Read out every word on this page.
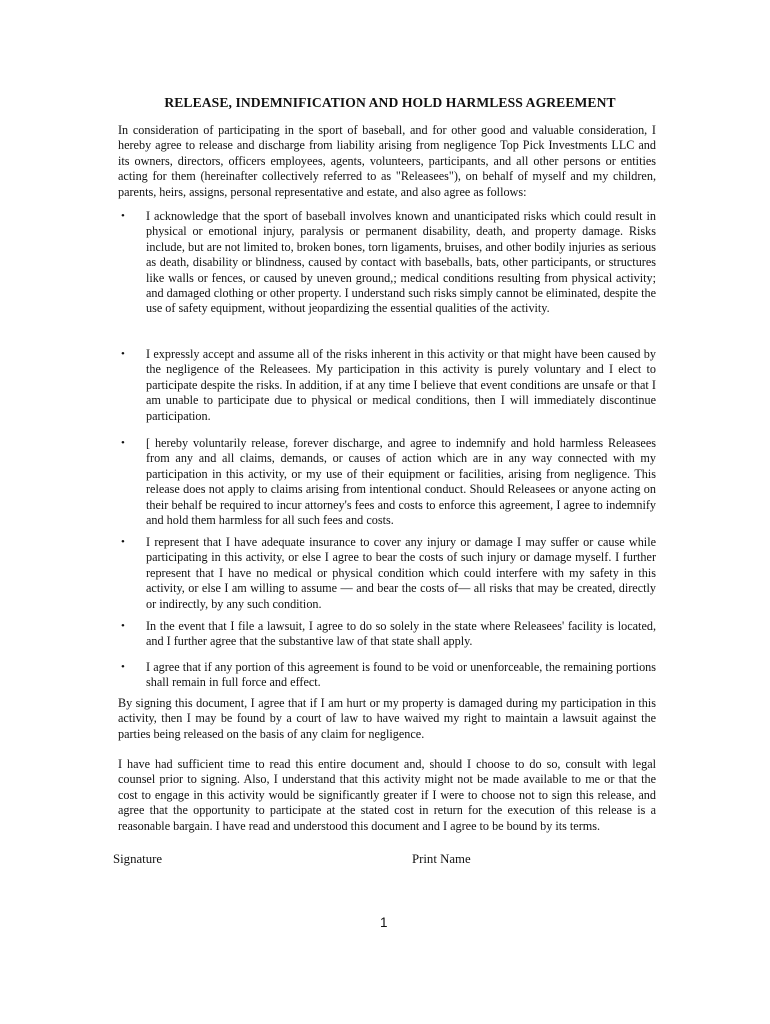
RELEASE, INDEMNIFICATION AND HOLD HARMLESS AGREEMENT
In consideration of participating in the sport of baseball, and for other good and valuable consideration, I hereby agree to release and discharge from liability arising from negligence Top Pick Investments LLC and its owners, directors, officers employees, agents, volunteers, participants, and all other persons or entities acting for them (hereinafter collectively referred to as "Releasees"), on behalf of myself and my children, parents, heirs, assigns, personal representative and estate, and also agree as follows:
• I acknowledge that the sport of baseball involves known and unanticipated risks which could result in physical or emotional injury, paralysis or permanent disability, death, and property damage. Risks include, but are not limited to, broken bones, torn ligaments, bruises, and other bodily injuries as serious as death, disability or blindness, caused by contact with baseballs, bats, other participants, or structures like walls or fences, or caused by uneven ground,; medical conditions resulting from physical activity; and damaged clothing or other property. I understand such risks simply cannot be eliminated, despite the use of safety equipment, without jeopardizing the essential qualities of the activity.
• I expressly accept and assume all of the risks inherent in this activity or that might have been caused by the negligence of the Releasees. My participation in this activity is purely voluntary and I elect to participate despite the risks. In addition, if at any time I believe that event conditions are unsafe or that I am unable to participate due to physical or medical conditions, then I will immediately discontinue participation.
• [ hereby voluntarily release, forever discharge, and agree to indemnify and hold harmless Releasees from any and all claims, demands, or causes of action which are in any way connected with my participation in this activity, or my use of their equipment or facilities, arising from negligence. This release does not apply to claims arising from intentional conduct. Should Releasees or anyone acting on their behalf be required to incur attorney's fees and costs to enforce this agreement, I agree to indemnify and hold them harmless for all such fees and costs.
• I represent that I have adequate insurance to cover any injury or damage I may suffer or cause while participating in this activity, or else I agree to bear the costs of such injury or damage myself. I further represent that I have no medical or physical condition which could interfere with my safety in this activity, or else I am willing to assume — and bear the costs of— all risks that may be created, directly or indirectly, by any such condition.
• In the event that I file a lawsuit, I agree to do so solely in the state where Releasees' facility is located, and I further agree that the substantive law of that state shall apply.
• I agree that if any portion of this agreement is found to be void or unenforceable, the remaining portions shall remain in full force and effect.
By signing this document, I agree that if I am hurt or my property is damaged during my participation in this activity, then I may be found by a court of law to have waived my right to maintain a lawsuit against the parties being released on the basis of any claim for negligence.
I have had sufficient time to read this entire document and, should I choose to do so, consult with legal counsel prior to signing. Also, I understand that this activity might not be made available to me or that the cost to engage in this activity would be significantly greater if I were to choose not to sign this release, and agree that the opportunity to participate at the stated cost in return for the execution of this release is a reasonable bargain. I have read and understood this document and I agree to be bound by its terms.
Signature	Print Name
1
